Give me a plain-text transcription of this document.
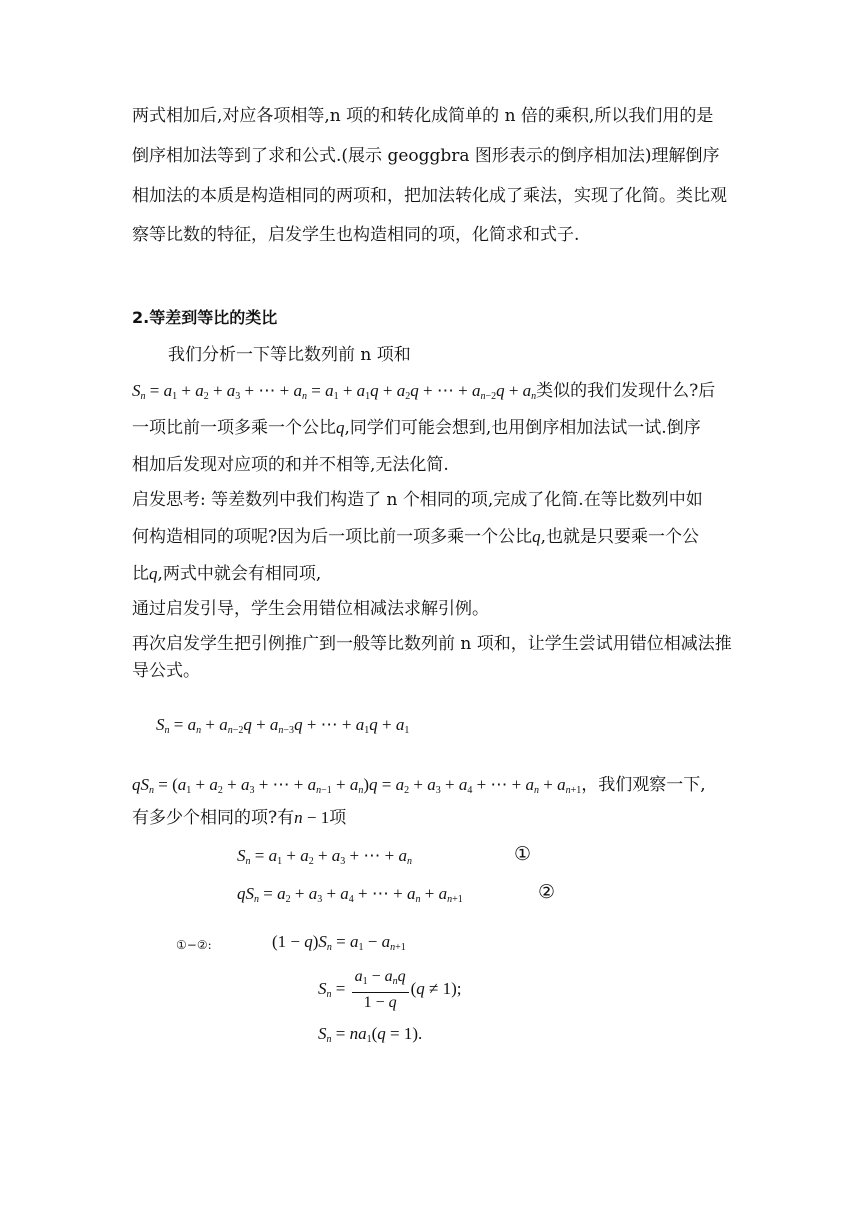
两式相加后,对应各项相等,n 项的和转化成简单的 n 倍的乘积,所以我们用的是
倒序相加法等到了求和公式.(展示 geoggbra 图形表示的倒序相加法)理解倒序
相加法的本质是构造相同的两项和，把加法转化成了乘法，实现了化简。类比观
察等比数的特征，启发学生也构造相同的项，化简求和式子.
2.等差到等比的类比
我们分析一下等比数列前 n 项和
$S_n = a_1 + a_2 + a_3$ + ⋯ + $a_n = a_1 + a_1q + a_2q$ + ⋯ + $a_{n-2}q + a_n$类似的我们发现什么?后
一项比前一项多乘一个公比q,同学们可能会想到,也用倒序相加法试一试.倒序
相加后发现对应项的和并不相等,无法化简.
启发思考: 等差数列中我们构造了 n 个相同的项,完成了化简.在等比数列中如
何构造相同的项呢?因为后一项比前一项多乘一个公比q,也就是只要乘一个公
比q,两式中就会有相同项,
通过启发引导，学生会用错位相减法求解引例。
再次启发学生把引例推广到一般等比数列前 n 项和，让学生尝试用错位相减法推
导公式。
$S_n = a_n + a_{n-2}q + a_{n-3}q$ + ⋯ + $a_1q + a_1$
$qS_n = (a_1 + a_2 + a_3$ + ⋯ + $a_{n-1} + a_n)q = a_2 + a_3 + a_4$ + ⋯ + $a_n + a_{n+1}$，我们观察一下,
有多少个相同的项?有n − 1项
$S_n = a_1 + a_2 + a_3$ + ⋯ + $a_n$	①
$qS_n = a_2 + a_3 + a_4$ + ⋯ + $a_n + a_{n+1}$	②
①−②:	$(1 - q)S_n = a_1 - a_{n+1}$
$S_n = \frac{a_1 - a_nq}{1 - q} (q \ne 1)$;
$S_n = na_1(q = 1)$.
